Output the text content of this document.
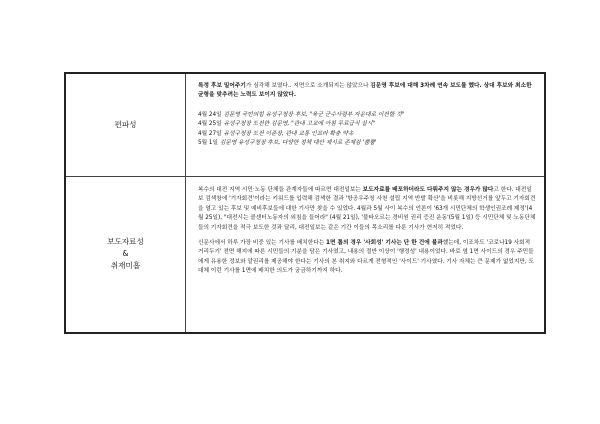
편파성

특정 후보 밀어주기가 심각해 보였다.. 지면으로 소개되지는 않았으나 김문영 후보에 대해 3차례 연속 보도를 했다. 상대 후보와 최소한 균형을 맞추려는 노력도 보이지 않았다.

4월 24일 김문영 국민의힘 유성구청장 후보, "육군 군수사령부 자운대로 이전할 것"

4월 25일 유성구청장 도전한 김문영, "관내 고교에 아침 무료급식 실시"

4월 27일 유성구청장 도전 이준장, 관내 교통 인프라 확충 약속

5월 1일 김문영 유성구청장 후보, 다양한 정책 대안 제시로 존재감 '뿜뿜'

보도자료성
&
취재미흡

복수의 대전 지역 시민·노동 단체들 관계자들에 따르면 대전일보는 보도자료를 배포하더라도 다뤄주지 않는 경우가 많다고 한다. 대전일보 검색창에 '기자회견'이라는 키워드를 입력해 검색한 결과 '항공우주청 사천 설립 지역 반발 확산'을 비롯해 지방선거를 앞두고 기자회견을 열고 있는 후보 및 예비후보들에 대한 기사만 찾을 수 있었다. 4월과 5월 사이 복수의 언론이 '63개 시민단체의 학생인권조례 제정'(4월 25일), "대전시는 콜센터노동자의 외침을 들어라" (4월 21일), '불타오르는 경비원 권리 증진 운동'(5월 1일) 등 시민단체 및 노동단체들의 기자회견을 적극 보도한 것과 달리, 대전일보는 같은 기간 이들의 목소리를 다룬 기사가 현저히 적었다.

신문사에서 하루 가장 비중 있는 기사를 배치한다는 1면 톱의 경우 '사회성' 기사는 단 한 건에 불과했는데, 이조차도 '코로나19 사회적 거리두기' 전면 해지에 따른 시민들의 기분을 담은 기사였고, 내용의 절반 이상이 '행정성' 내용이었다. 바로 옆 1면 사이드의 경우 주민들에게 유용한 정보와 알권리를 제공해야 한다는 기사의 본 취지와 다르게 전형적인 '사이드' 기사였다. 기사 자체는 큰 문제가 없었지만, 도대체 이런 기사를 1면에 배치한 의도가 궁금하기까지 하다.
